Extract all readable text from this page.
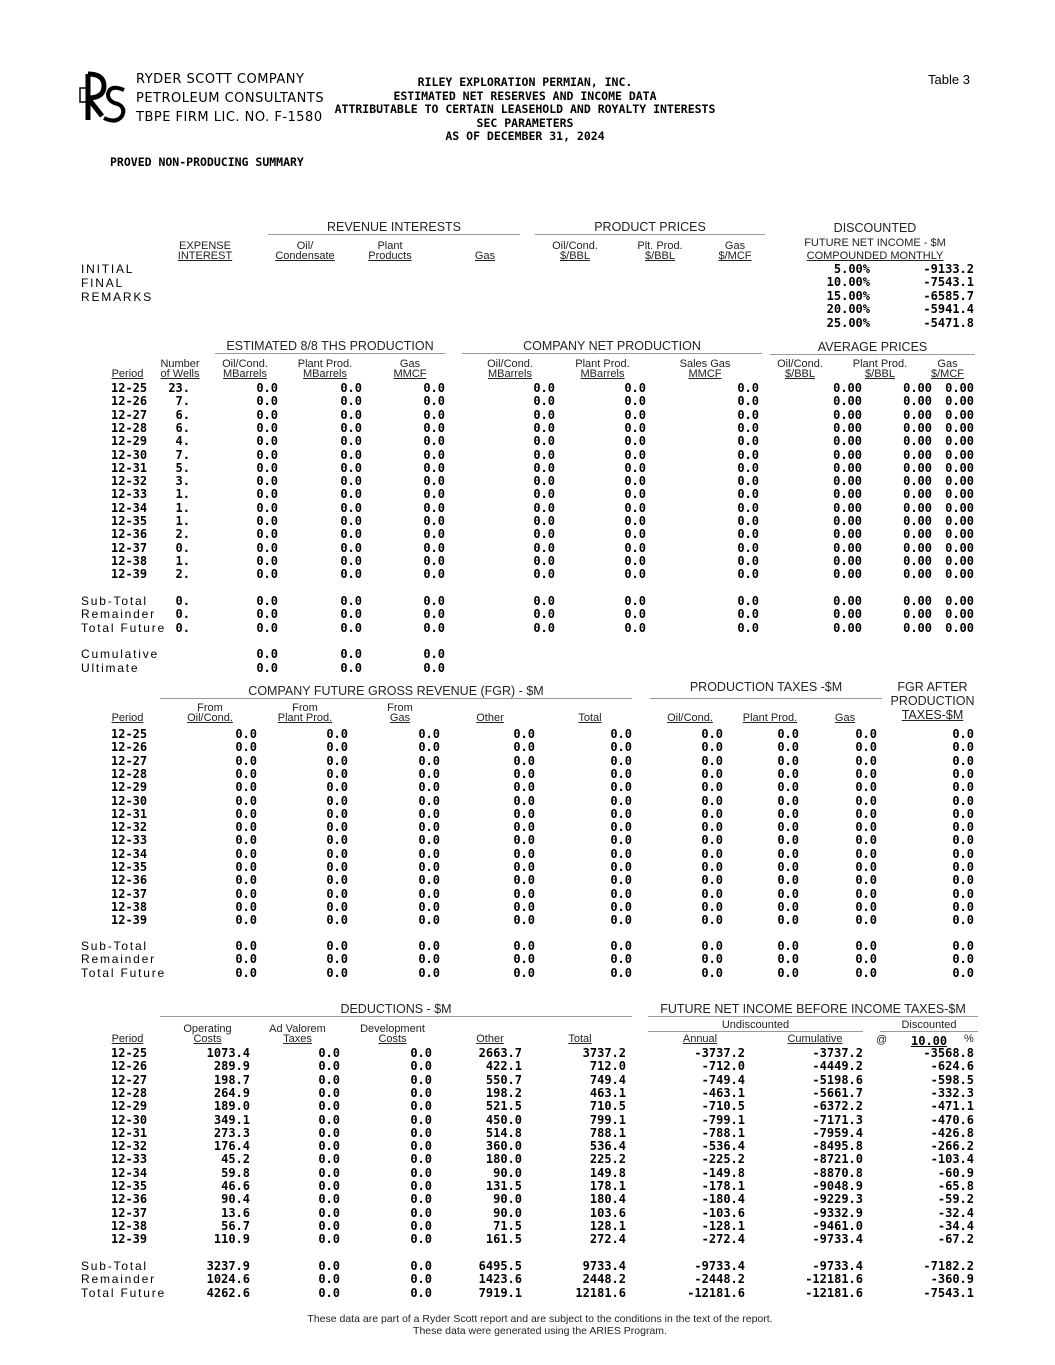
RYDER SCOTT COMPANY
PETROLEUM CONSULTANTS
TBPE FIRM LIC. NO. F-1580
RILEY EXPLORATION PERMIAN, INC.
ESTIMATED NET RESERVES AND INCOME DATA
ATTRIBUTABLE TO CERTAIN LEASEHOLD AND ROYALTY INTERESTS
SEC PARAMETERS
AS OF DECEMBER 31, 2024
Table 3
PROVED NON-PRODUCING SUMMARY
REVENUE INTERESTS	PRODUCT PRICES	DISCOUNTED
FUTURE NET INCOME - $M
COMPOUNDED MONTHLY
EXPENSE
INTEREST
Oil/
Condensate
Plant
Products	Gas
Oil/Cond.
$/BBL
Plt. Prod.
$/BBL
Gas
$/MCF
INITIAL
FINAL
REMARKS
5.00%	-9133.2
10.00%	-7543.1
15.00%	-6585.7
20.00%	-5941.4
25.00%	-5471.8
ESTIMATED 8/8 THS PRODUCTION	COMPANY NET PRODUCTION	AVERAGE PRICES
Period
Number
of Wells
Oil/Cond.
MBarrels
Plant Prod.
MBarrels
Gas
MMCF
Oil/Cond.
MBarrels
Plant Prod.
MBarrels
Sales Gas
MMCF
Oil/Cond.
$/BBL
Plant Prod.
$/BBL
Gas
$/MCF
12-25	23.	0.0	0.0	0.0	0.0	0.0	0.0	0.00	0.00	0.00
12-26	7.	0.0	0.0	0.0	0.0	0.0	0.0	0.00	0.00	0.00
12-27	6.	0.0	0.0	0.0	0.0	0.0	0.0	0.00	0.00	0.00
12-28	6.	0.0	0.0	0.0	0.0	0.0	0.0	0.00	0.00	0.00
12-29	4.	0.0	0.0	0.0	0.0	0.0	0.0	0.00	0.00	0.00
12-30	7.	0.0	0.0	0.0	0.0	0.0	0.0	0.00	0.00	0.00
12-31	5.	0.0	0.0	0.0	0.0	0.0	0.0	0.00	0.00	0.00
12-32	3.	0.0	0.0	0.0	0.0	0.0	0.0	0.00	0.00	0.00
12-33	1.	0.0	0.0	0.0	0.0	0.0	0.0	0.00	0.00	0.00
12-34	1.	0.0	0.0	0.0	0.0	0.0	0.0	0.00	0.00	0.00
12-35	1.	0.0	0.0	0.0	0.0	0.0	0.0	0.00	0.00	0.00
12-36	2.	0.0	0.0	0.0	0.0	0.0	0.0	0.00	0.00	0.00
12-37	0.	0.0	0.0	0.0	0.0	0.0	0.0	0.00	0.00	0.00
12-38	1.	0.0	0.0	0.0	0.0	0.0	0.0	0.00	0.00	0.00
12-39	2.	0.0	0.0	0.0	0.0	0.0	0.0	0.00	0.00	0.00
Sub-Total	0.	0.0	0.0	0.0	0.0	0.0	0.0	0.00	0.00	0.00
Remainder	0.	0.0	0.0	0.0	0.0	0.0	0.0	0.00	0.00	0.00
Total Future 0.	0.0	0.0	0.0	0.0	0.0	0.0	0.00	0.00	0.00
Cumulative	0.0	0.0	0.0
Ultimate	0.0	0.0	0.0
COMPANY FUTURE GROSS REVENUE (FGR) - $M	PRODUCTION TAXES -$M	FGR AFTER
PRODUCTION
TAXES-$M
Period
From
Oil/Cond.
From
Plant Prod.
From
Gas	Other	Total	Oil/Cond.	Plant Prod.	Gas
12-25	0.0	0.0	0.0	0.0	0.0	0.0	0.0	0.0	0.0
12-26	0.0	0.0	0.0	0.0	0.0	0.0	0.0	0.0	0.0
12-27	0.0	0.0	0.0	0.0	0.0	0.0	0.0	0.0	0.0
12-28	0.0	0.0	0.0	0.0	0.0	0.0	0.0	0.0	0.0
12-29	0.0	0.0	0.0	0.0	0.0	0.0	0.0	0.0	0.0
12-30	0.0	0.0	0.0	0.0	0.0	0.0	0.0	0.0	0.0
12-31	0.0	0.0	0.0	0.0	0.0	0.0	0.0	0.0	0.0
12-32	0.0	0.0	0.0	0.0	0.0	0.0	0.0	0.0	0.0
12-33	0.0	0.0	0.0	0.0	0.0	0.0	0.0	0.0	0.0
12-34	0.0	0.0	0.0	0.0	0.0	0.0	0.0	0.0	0.0
12-35	0.0	0.0	0.0	0.0	0.0	0.0	0.0	0.0	0.0
12-36	0.0	0.0	0.0	0.0	0.0	0.0	0.0	0.0	0.0
12-37	0.0	0.0	0.0	0.0	0.0	0.0	0.0	0.0	0.0
12-38	0.0	0.0	0.0	0.0	0.0	0.0	0.0	0.0	0.0
12-39	0.0	0.0	0.0	0.0	0.0	0.0	0.0	0.0	0.0
Sub-Total	0.0	0.0	0.0	0.0	0.0	0.0	0.0	0.0	0.0
Remainder	0.0	0.0	0.0	0.0	0.0	0.0	0.0	0.0	0.0
Total Future	0.0	0.0	0.0	0.0	0.0	0.0	0.0	0.0	0.0
DEDUCTIONS - $M	FUTURE NET INCOME BEFORE INCOME TAXES-$M
Undiscounted	Discounted
@ 10.00 %
Period
Operating
Costs
Ad Valorem
Taxes
Development
Costs	Other	Total	Annual	Cumulative
12-25	1073.4	0.0	0.0	2663.7	3737.2	-3737.2	-3737.2	-3568.8
12-26	289.9	0.0	0.0	422.1	712.0	-712.0	-4449.2	-624.6
12-27	198.7	0.0	0.0	550.7	749.4	-749.4	-5198.6	-598.5
12-28	264.9	0.0	0.0	198.2	463.1	-463.1	-5661.7	-332.3
12-29	189.0	0.0	0.0	521.5	710.5	-710.5	-6372.2	-471.1
12-30	349.1	0.0	0.0	450.0	799.1	-799.1	-7171.3	-470.6
12-31	273.3	0.0	0.0	514.8	788.1	-788.1	-7959.4	-426.8
12-32	176.4	0.0	0.0	360.0	536.4	-536.4	-8495.8	-266.2
12-33	45.2	0.0	0.0	180.0	225.2	-225.2	-8721.0	-103.4
12-34	59.8	0.0	0.0	90.0	149.8	-149.8	-8870.8	-60.9
12-35	46.6	0.0	0.0	131.5	178.1	-178.1	-9048.9	-65.8
12-36	90.4	0.0	0.0	90.0	180.4	-180.4	-9229.3	-59.2
12-37	13.6	0.0	0.0	90.0	103.6	-103.6	-9332.9	-32.4
12-38	56.7	0.0	0.0	71.5	128.1	-128.1	-9461.0	-34.4
12-39	110.9	0.0	0.0	161.5	272.4	-272.4	-9733.4	-67.2
Sub-Total	3237.9	0.0	0.0	6495.5	9733.4	-9733.4	-9733.4	-7182.2
Remainder	1024.6	0.0	0.0	1423.6	2448.2	-2448.2	-12181.6	-360.9
Total Future	4262.6	0.0	0.0	7919.1	12181.6	-12181.6	-12181.6	-7543.1
These data are part of a Ryder Scott report and are subject to the conditions in the text of the report.
These data were generated using the ARIES Program.
